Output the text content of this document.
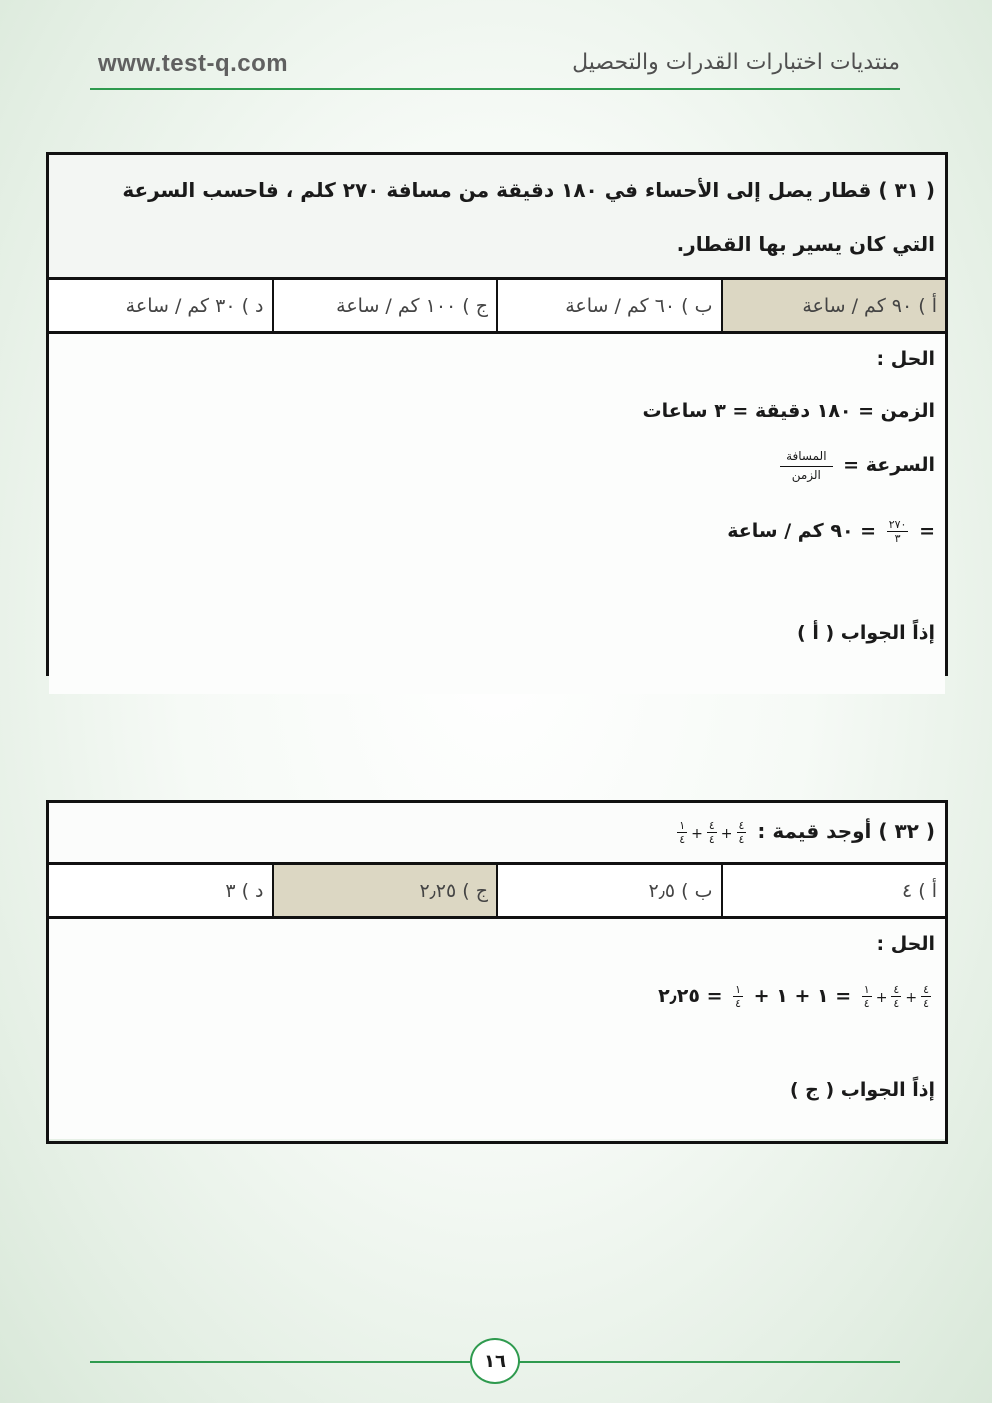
www.test-q.com	منتديات اختبارات القدرات والتحصيل
( ٣١ ) قطار يصل إلى الأحساء في ١٨٠ دقيقة من مسافة ٢٧٠ كلم ، فاحسب السرعة
التي كان يسير بها القطار.
أ ) ٩٠ كم / ساعة
ب ) ٦٠ كم / ساعة
ج ) ١٠٠ كم / ساعة
د ) ٣٠ كم / ساعة
الحل :
الزمن = ١٨٠ دقيقة = ٣ ساعات
السرعة =
$\frac{\text{المسافة}}{\text{الزمن}}$
=
$\frac{٢٧٠}{٣}$
= ٩٠ كم / ساعة
إذاً الجواب ( أ )
( ٣٢ ) أوجد قيمة :
$\frac{٤}{٤}$
+
$\frac{٤}{٤}$
+
$\frac{١}{٤}$
أ ) ٤
ب ) ٢٫٥
ج ) ٢٫٢٥
د ) ٣
الحل :
$\frac{٤}{٤}$
+
$\frac{٤}{٤}$
+
$\frac{١}{٤}$
= ١ + ١ +
$\frac{١}{٤}$
= ٢٫٢٥
إذاً الجواب ( ج )
١٦
